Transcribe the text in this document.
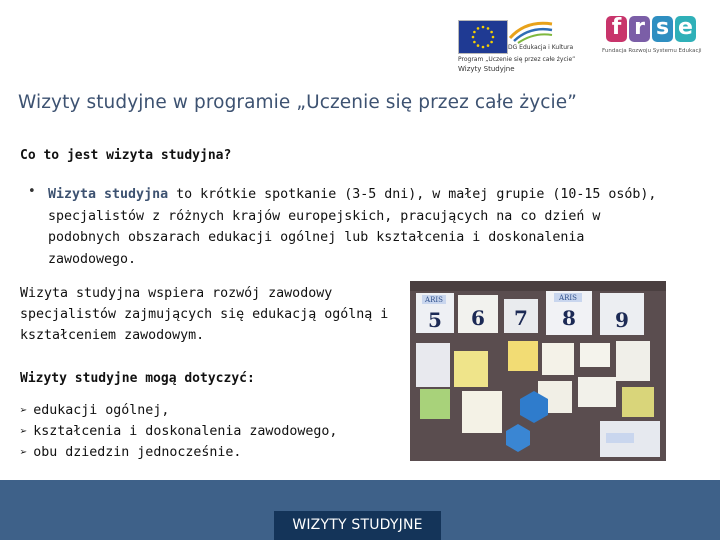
DG Edukacja i Kultura
Program „Uczenie się przez całe życie”
Wizyty Studyjne
f r s e
Fundacja Rozwoju Systemu Edukacji
Wizyty studyjne w programie „Uczenie się przez całe życie”

Co to jest wizyta studyjna?

• Wizyta studyjna to krótkie spotkanie (3-5 dni), w małej grupie (10-15 osób), specjalistów z różnych krajów europejskich, pracujących na co dzień w podobnych obszarach edukacji ogólnej lub kształcenia i doskonalenia zawodowego.

Wizyta studyjna wspiera rozwój zawodowy specjalistów zajmujących się edukacją ogólną i kształceniem zawodowym.

Wizyty studyjne mogą dotyczyć:

➢ edukacji ogólnej,
➢ kształcenia i doskonalenia zawodowego,
➢ obu dziedzin jednocześnie.
ARIS	ARIS
5 6 7 8 9
WIZYTY STUDYJNE
